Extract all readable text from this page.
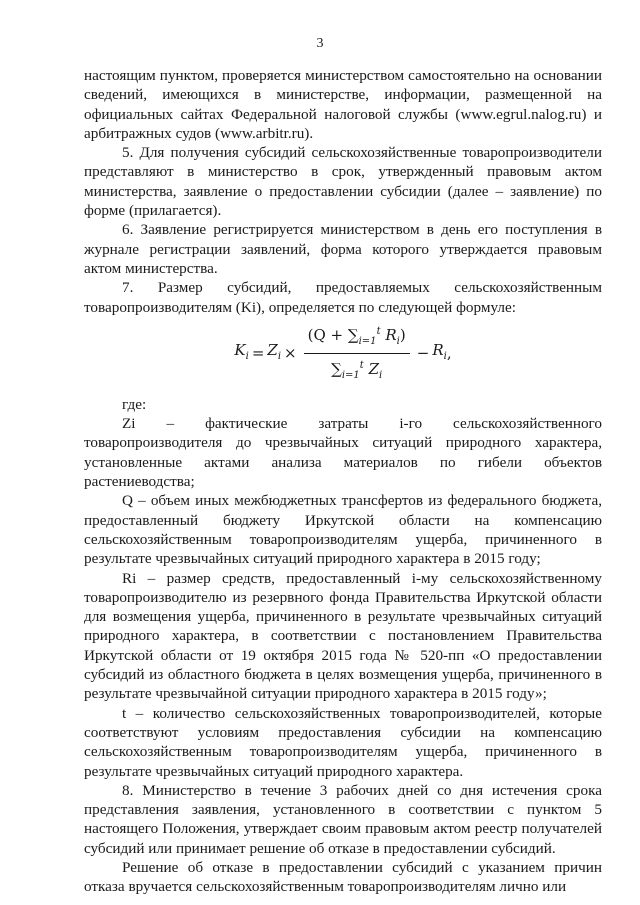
3

настоящим пунктом, проверяется министерством самостоятельно на основании сведений, имеющихся в министерстве, информации, размещенной на официальных сайтах Федеральной налоговой службы (www.egrul.nalog.ru) и арбитражных судов (www.arbitr.ru).

5. Для получения субсидий сельскохозяйственные товаропроизводители представляют в министерство в срок, утвержденный правовым актом министерства, заявление о предоставлении субсидии (далее – заявление) по форме (прилагается).

6. Заявление регистрируется министерством в день его поступления в журнале регистрации заявлений, форма которого утверждается правовым актом министерства.

7. Размер субсидий, предоставляемых сельскохозяйственным товаропроизводителям (Ki), определяется по следующей формуле:

$K_i = Z_i \times \frac{(Q + \sum_{i=1}^t R_i)}{\sum_{i=1}^t Z_i} - R_i$ ,

где:

Zi – фактические затраты i-го сельскохозяйственного товаропроизводителя до чрезвычайных ситуаций природного характера, установленные актами анализа материалов по гибели объектов растениеводства;

Q – объем иных межбюджетных трансфертов из федерального бюджета, предоставленный бюджету Иркутской области на компенсацию сельскохозяйственным товаропроизводителям ущерба, причиненного в результате чрезвычайных ситуаций природного характера в 2015 году;

Ri – размер средств, предоставленный i-му сельскохозяйственному товаропроизводителю из резервного фонда Правительства Иркутской области для возмещения ущерба, причиненного в результате чрезвычайных ситуаций природного характера, в соответствии с постановлением Правительства Иркутской области от 19 октября 2015 года № 520-пп «О предоставлении субсидий из областного бюджета в целях возмещения ущерба, причиненного в результате чрезвычайной ситуации природного характера в 2015 году»;

t – количество сельскохозяйственных товаропроизводителей, которые соответствуют условиям предоставления субсидии на компенсацию сельскохозяйственным товаропроизводителям ущерба, причиненного в результате чрезвычайных ситуаций природного характера.

8. Министерство в течение 3 рабочих дней со дня истечения срока представления заявления, установленного в соответствии с пунктом 5 настоящего Положения, утверждает своим правовым актом реестр получателей субсидий или принимает решение об отказе в предоставлении субсидий.

Решение об отказе в предоставлении субсидий с указанием причин отказа вручается сельскохозяйственным товаропроизводителям лично или
